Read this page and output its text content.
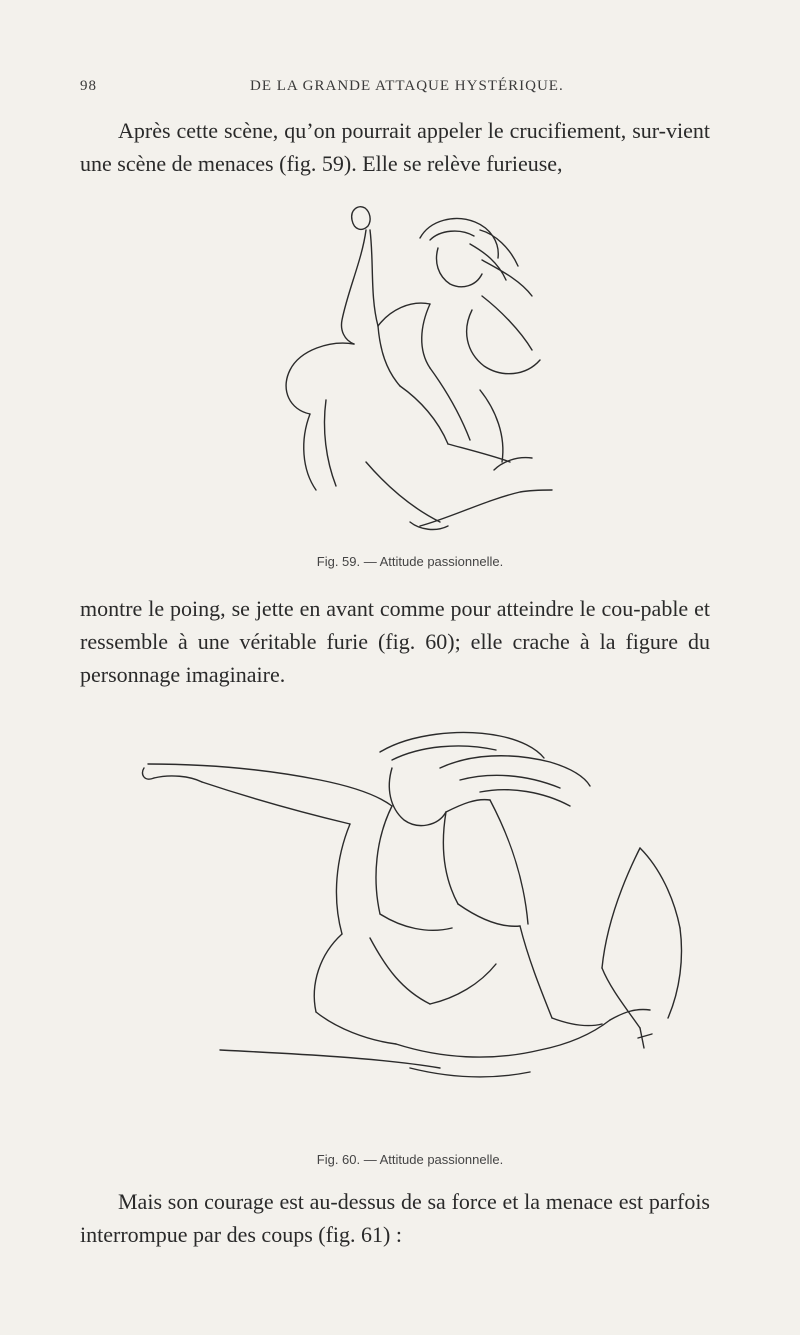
98	DE LA GRANDE ATTAQUE HYSTÉRIQUE.

Après cette scène, qu’on pourrait appeler le crucifiement, sur-vient une scène de menaces (fig. 59). Elle se relève furieuse,

Fig. 59. — Attitude passionnelle.

montre le poing, se jette en avant comme pour atteindre le cou-pable et ressemble à une véritable furie (fig. 60); elle crache à la figure du personnage imaginaire.

Fig. 60. — Attitude passionnelle.

Mais son courage est au-dessus de sa force et la menace est parfois interrompue par des coups (fig. 61) :
